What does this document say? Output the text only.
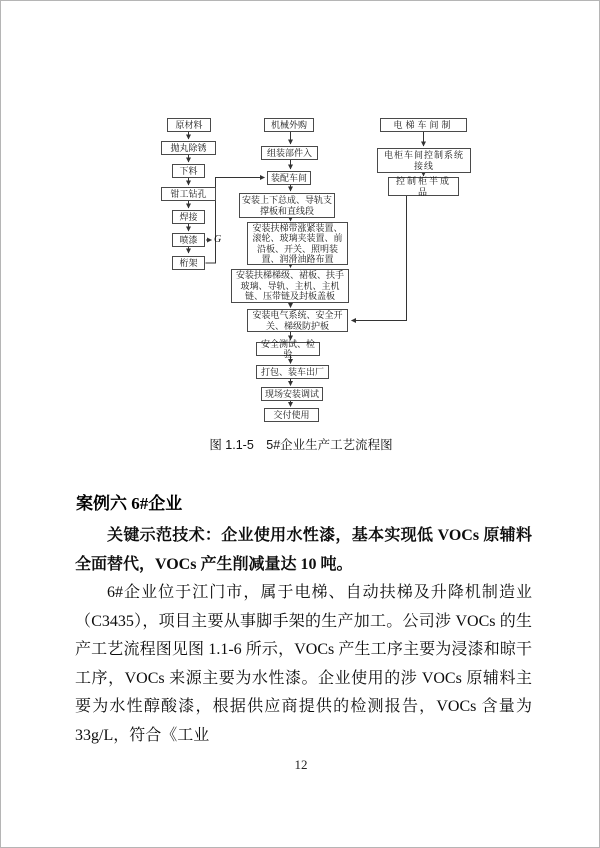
原材料
抛丸除锈
下料
钳工钻孔
焊接
喷漆
桁架
G
机械外购
组装部件入
装配车间
安装上下总成、导轨支撑板和直线段
安装扶梯带涨紧装置、滚轮、玻璃夹装置、前沿板、开关、照明装置、润滑油路布置
安装扶梯梯级、裙板、扶手玻璃、导轨、主机、主机链、压带链及封板盖板
安装电气系统、安全开关、梯级防护板
安全测试、检验
打包、装车出厂
现场安装调试
交付使用
电梯车间制
电柜车间控制系统接线
控制柜半成品
图 1.1-5　5#企业生产工艺流程图
案例六 6#企业

关键示范技术：企业使用水性漆，基本实现低 VOCs 原辅料全面替代，VOCs 产生削减量达 10 吨。

6#企业位于江门市，属于电梯、自动扶梯及升降机制造业（C3435），项目主要从事脚手架的生产加工。公司涉 VOCs 的生产工艺流程图见图 1.1-6 所示，VOCs 产生工序主要为浸漆和晾干工序，VOCs 来源主要为水性漆。企业使用的涉 VOCs 原辅料主要为水性醇酸漆，根据供应商提供的检测报告，VOCs 含量为 33g/L，符合《工业

12
